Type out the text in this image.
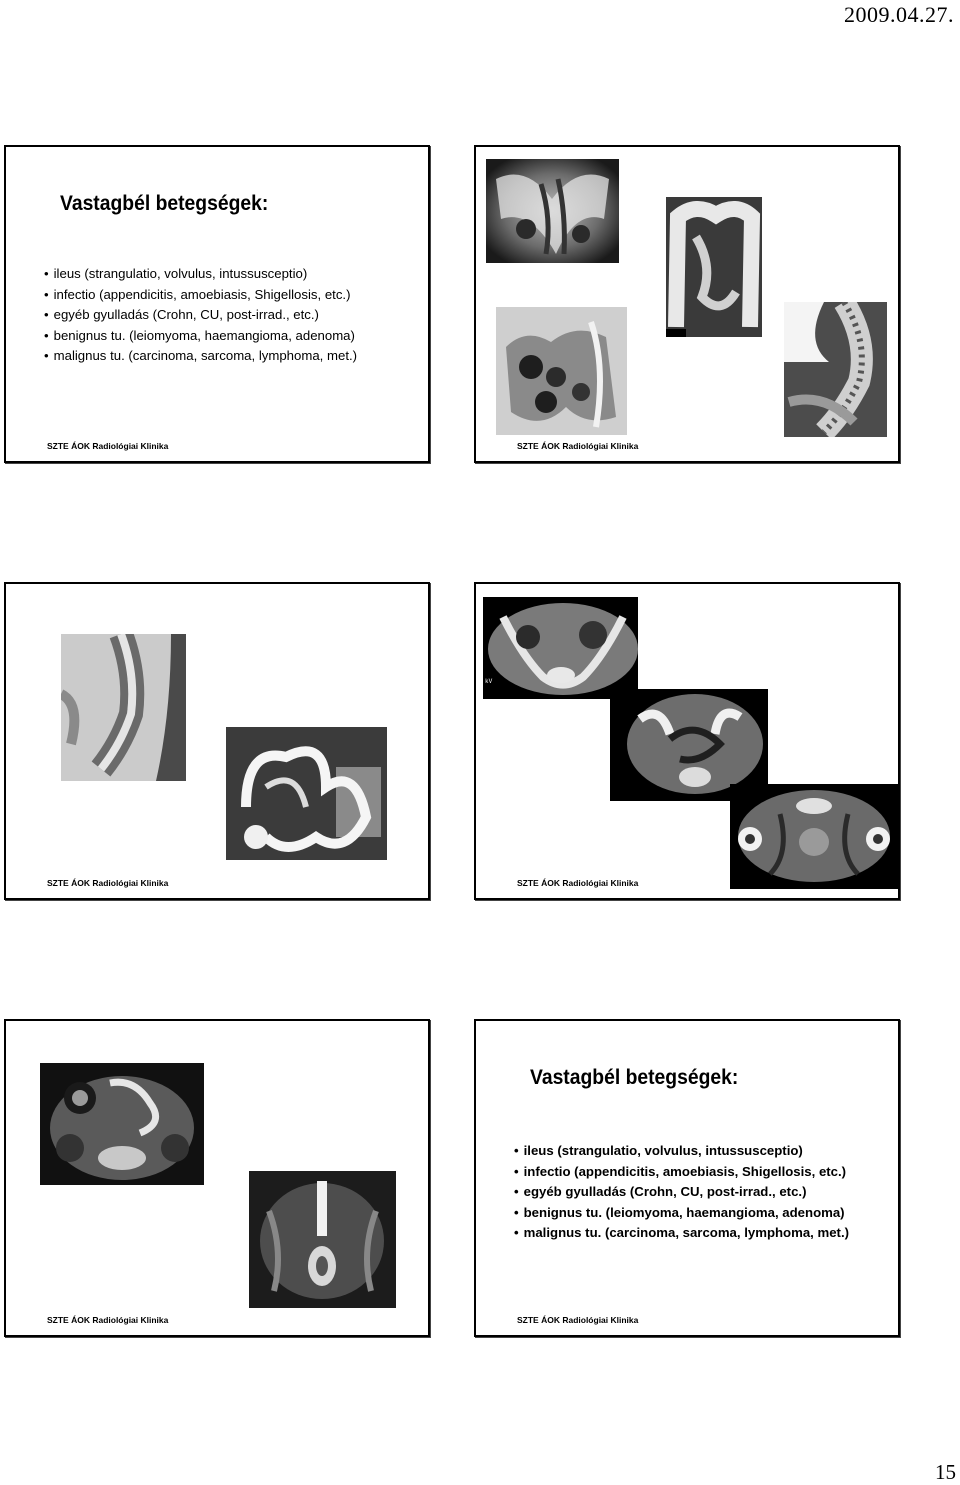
2009.04.27.
15
Vastagbél betegségek:
• ileus (strangulatio, volvulus, intussusceptio)
• infectio (appendicitis, amoebiasis, Shigellosis, etc.)
• egyéb gyulladás (Crohn, CU, post-irrad., etc.)
• benignus tu. (leiomyoma, haemangioma, adenoma)
• malignus tu. (carcinoma, sarcoma, lymphoma, met.)
SZTE ÁOK Radiológiai Klinika	SZTE ÁOK Radiológiai Klinika
SZTE ÁOK Radiológiai Klinika
kV
SZTE ÁOK Radiológiai Klinika
SZTE ÁOK Radiológiai Klinika
Vastagbél betegségek:
• ileus (strangulatio, volvulus, intussusceptio)
• infectio (appendicitis, amoebiasis, Shigellosis, etc.)
• egyéb gyulladás (Crohn, CU, post-irrad., etc.)
• benignus tu. (leiomyoma, haemangioma, adenoma)
• malignus tu. (carcinoma, sarcoma, lymphoma, met.)
SZTE ÁOK Radiológiai Klinika
